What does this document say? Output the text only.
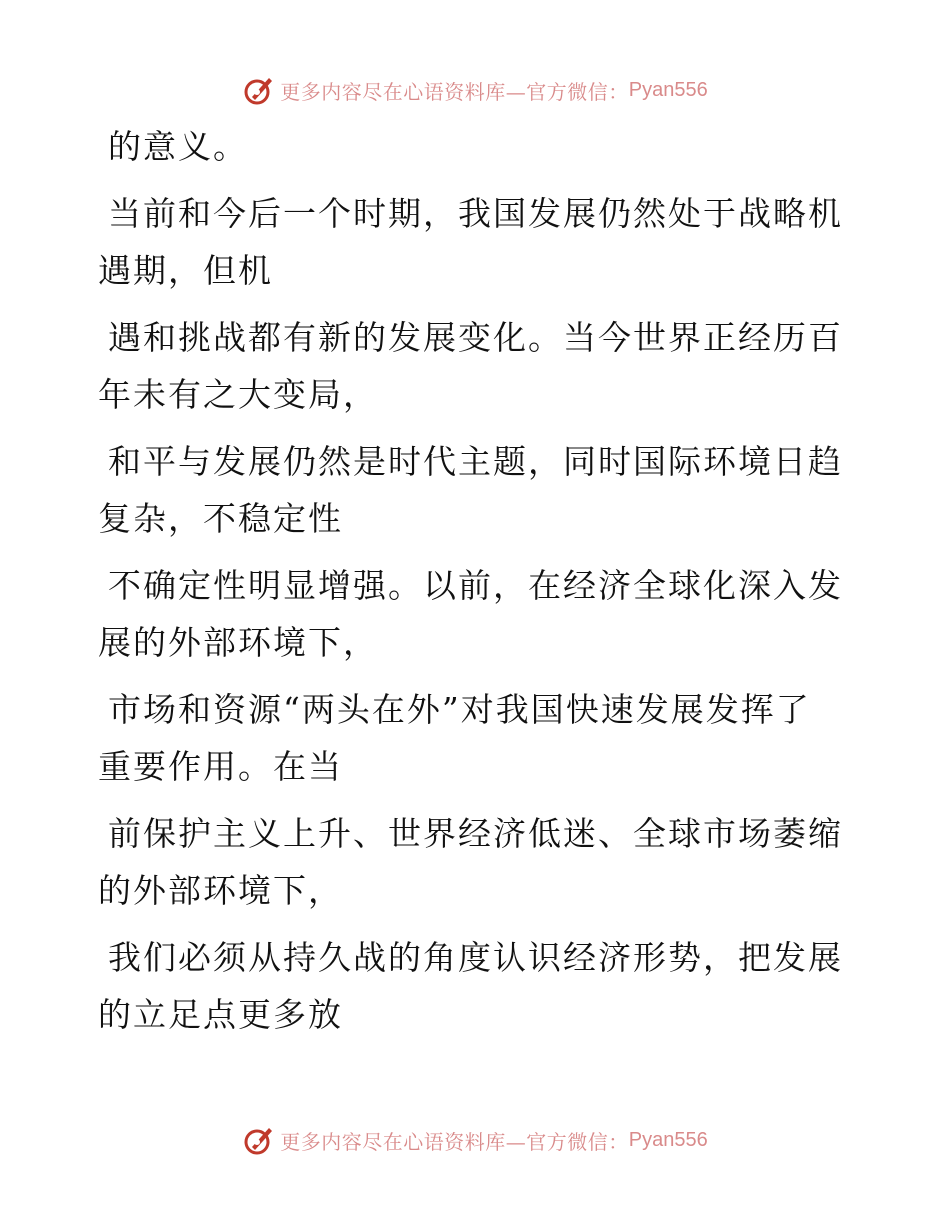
更多内容尽在心语资料库—官方微信： Pyan556

的意义。

当前和今后一个时期，我国发展仍然处于战略机
遇期，但机

遇和挑战都有新的发展变化。当今世界正经历百
年未有之大变局，

和平与发展仍然是时代主题，同时国际环境日趋
复杂，不稳定性

不确定性明显增强。以前，在经济全球化深入发
展的外部环境下，

市场和资源“两头在外”对我国快速发展发挥了
重要作用。在当

前保护主义上升、世界经济低迷、全球市场萎缩
的外部环境下，

我们必须从持久战的角度认识经济形势，把发展
的立足点更多放

更多内容尽在心语资料库—官方微信： Pyan556
